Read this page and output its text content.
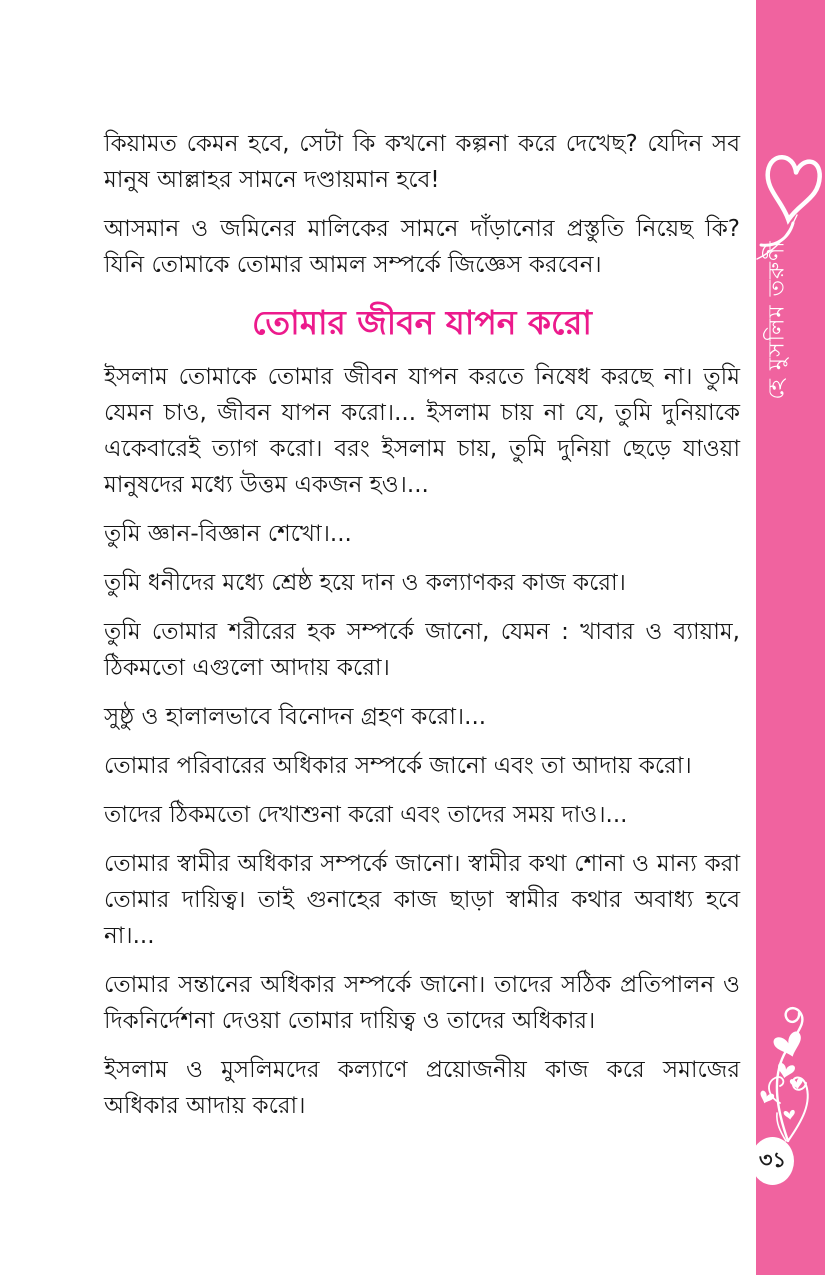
কিয়ামত কেমন হবে, সেটা কি কখনো কল্পনা করে দেখেছ? যেদিন সব মানুষ আল্লাহর সামনে দণ্ডায়মান হবে!

আসমান ও জমিনের মালিকের সামনে দাঁড়ানোর প্রস্তুতি নিয়েছ কি? যিনি তোমাকে তোমার আমল সম্পর্কে জিজ্ঞেস করবেন।

তোমার জীবন যাপন করো

ইসলাম তোমাকে তোমার জীবন যাপন করতে নিষেধ করছে না। তুমি যেমন চাও, জীবন যাপন করো।... ইসলাম চায় না যে, তুমি দুনিয়াকে একেবারেই ত্যাগ করো। বরং ইসলাম চায়, তুমি দুনিয়া ছেড়ে যাওয়া মানুষদের মধ্যে উত্তম একজন হও।...

তুমি জ্ঞান-বিজ্ঞান শেখো।...

তুমি ধনীদের মধ্যে শ্রেষ্ঠ হয়ে দান ও কল্যাণকর কাজ করো।

তুমি তোমার শরীরের হক সম্পর্কে জানো, যেমন : খাবার ও ব্যায়াম, ঠিকমতো এগুলো আদায় করো।

সুষ্ঠু ও হালালভাবে বিনোদন গ্রহণ করো।...

তোমার পরিবারের অধিকার সম্পর্কে জানো এবং তা আদায় করো।

তাদের ঠিকমতো দেখাশুনা করো এবং তাদের সময় দাও।...

তোমার স্বামীর অধিকার সম্পর্কে জানো। স্বামীর কথা শোনা ও মান্য করা তোমার দায়িত্ব। তাই গুনাহের কাজ ছাড়া স্বামীর কথার অবাধ্য হবে না।...

তোমার সন্তানের অধিকার সম্পর্কে জানো। তাদের সঠিক প্রতিপালন ও দিকনির্দেশনা দেওয়া তোমার দায়িত্ব ও তাদের অধিকার।

ইসলাম ও মুসলিমদের কল্যাণে প্রয়োজনীয় কাজ করে সমাজের অধিকার আদায় করো।

হে মুসলিম তরুণী
৩১
